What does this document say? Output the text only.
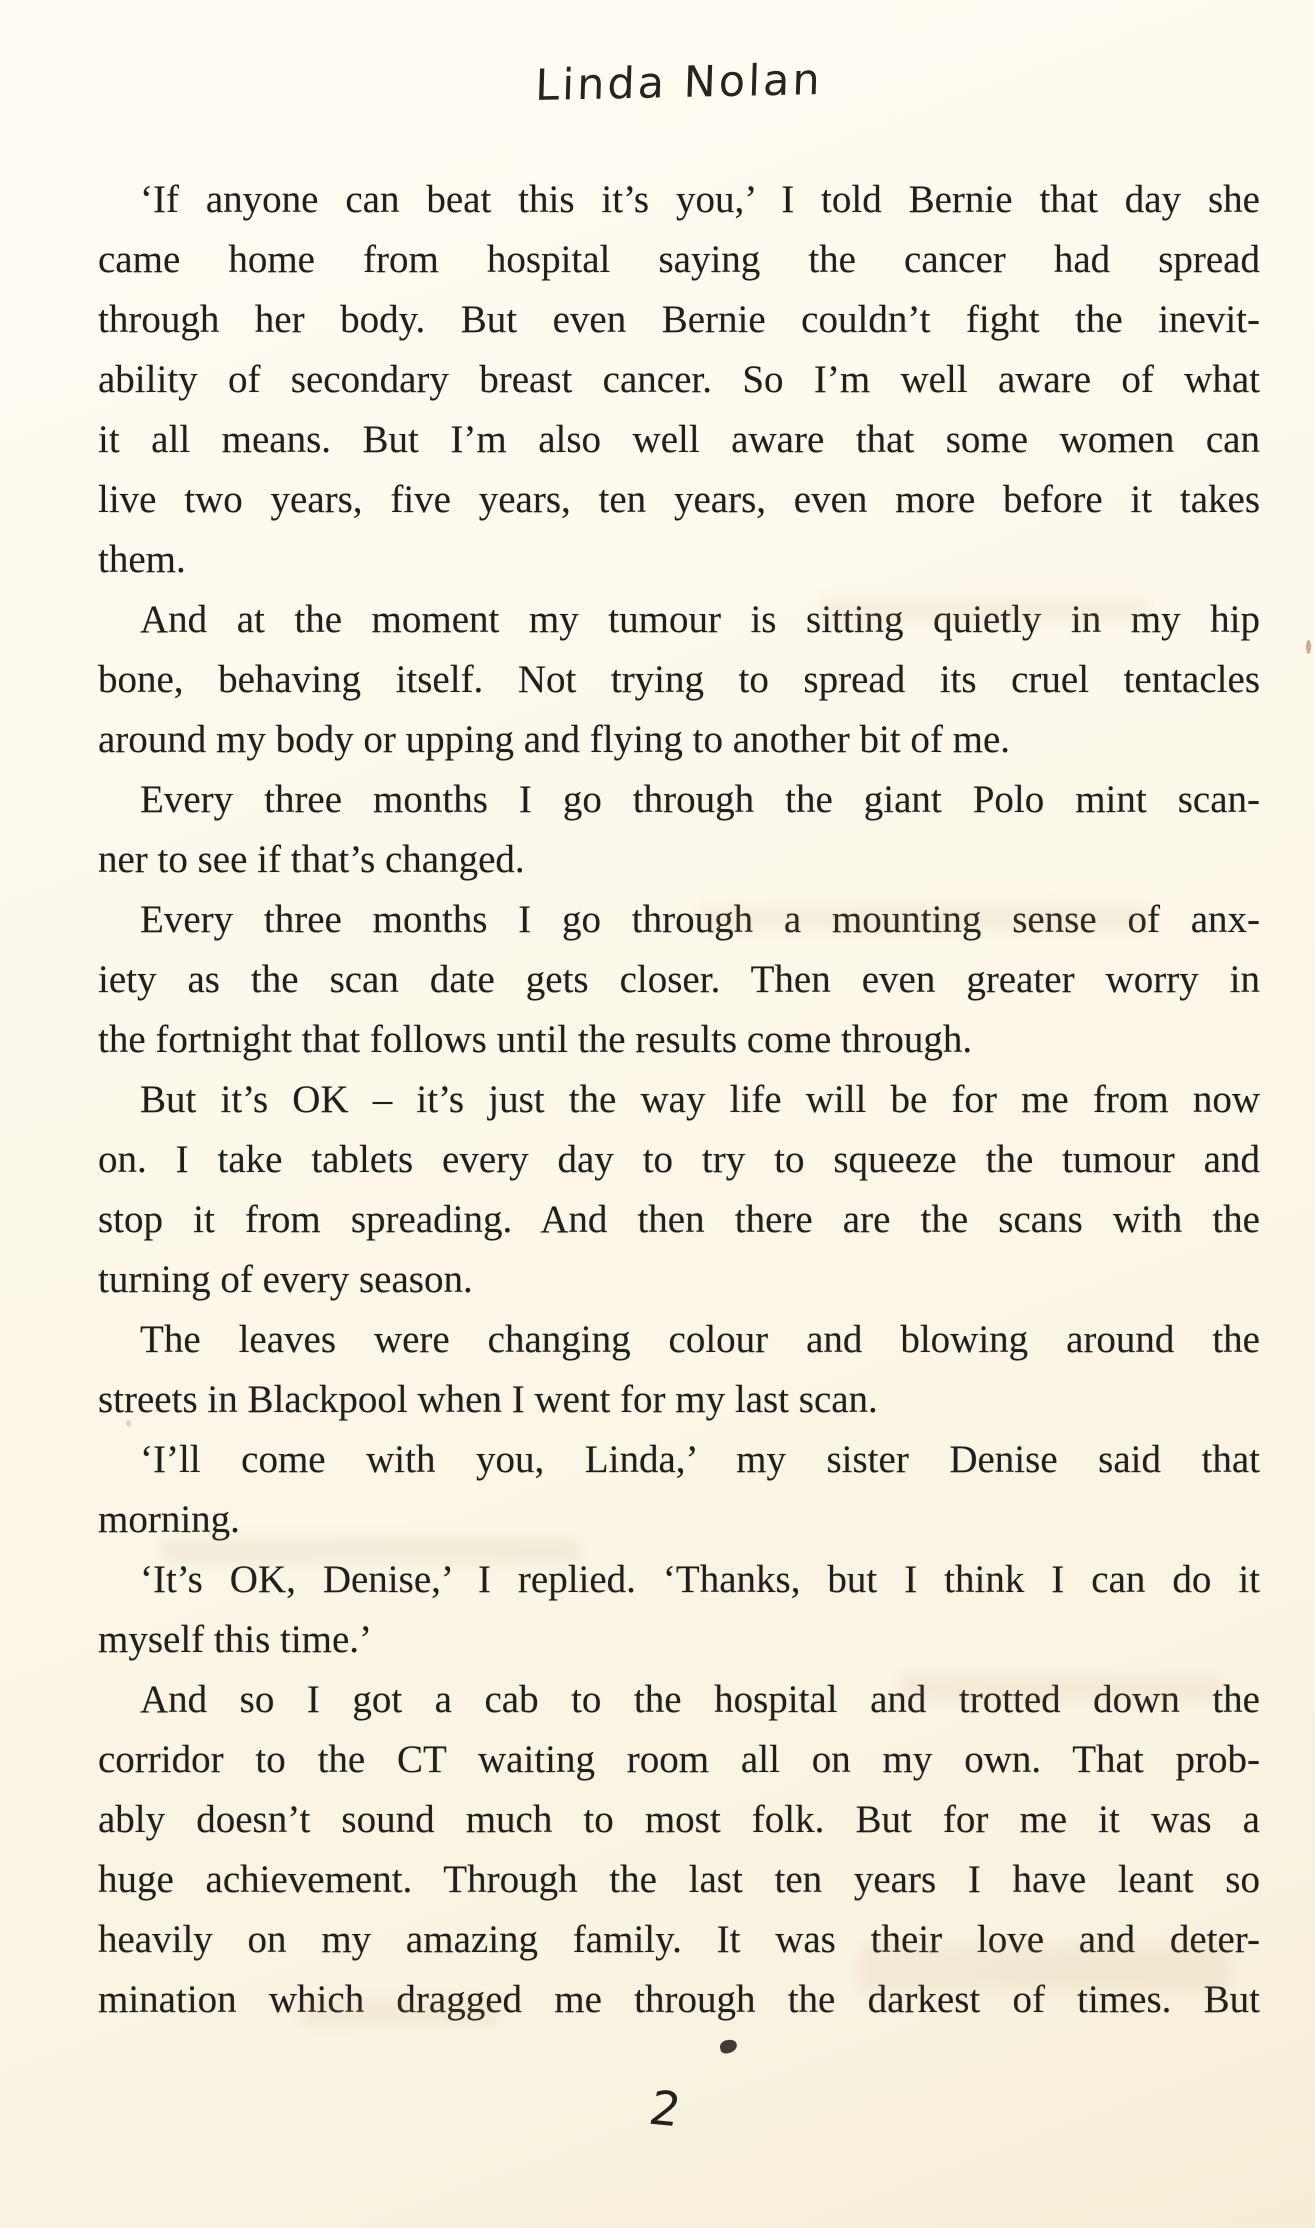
Linda Nolan
‘If anyone can beat this it’s you,’ I told Bernie that day she
came home from hospital saying the cancer had spread
through her body. But even Bernie couldn’t fight the inevit-
ability of secondary breast cancer. So I’m well aware of what
it all means. But I’m also well aware that some women can
live two years, five years, ten years, even more before it takes
them.
And at the moment my tumour is sitting quietly in my hip
bone, behaving itself. Not trying to spread its cruel tentacles
around my body or upping and flying to another bit of me.
Every three months I go through the giant Polo mint scan-
ner to see if that’s changed.
Every three months I go through a mounting sense of anx-
iety as the scan date gets closer. Then even greater worry in
the fortnight that follows until the results come through.
But it’s OK – it’s just the way life will be for me from now
on. I take tablets every day to try to squeeze the tumour and
stop it from spreading. And then there are the scans with the
turning of every season.
The leaves were changing colour and blowing around the
streets in Blackpool when I went for my last scan.
‘I’ll come with you, Linda,’ my sister Denise said that
morning.
‘It’s OK, Denise,’ I replied. ‘Thanks, but I think I can do it
myself this time.’
And so I got a cab to the hospital and trotted down the
corridor to the CT waiting room all on my own. That prob-
ably doesn’t sound much to most folk. But for me it was a
huge achievement. Through the last ten years I have leant so
heavily on my amazing family. It was their love and deter-
mination which dragged me through the darkest of times. But
2
